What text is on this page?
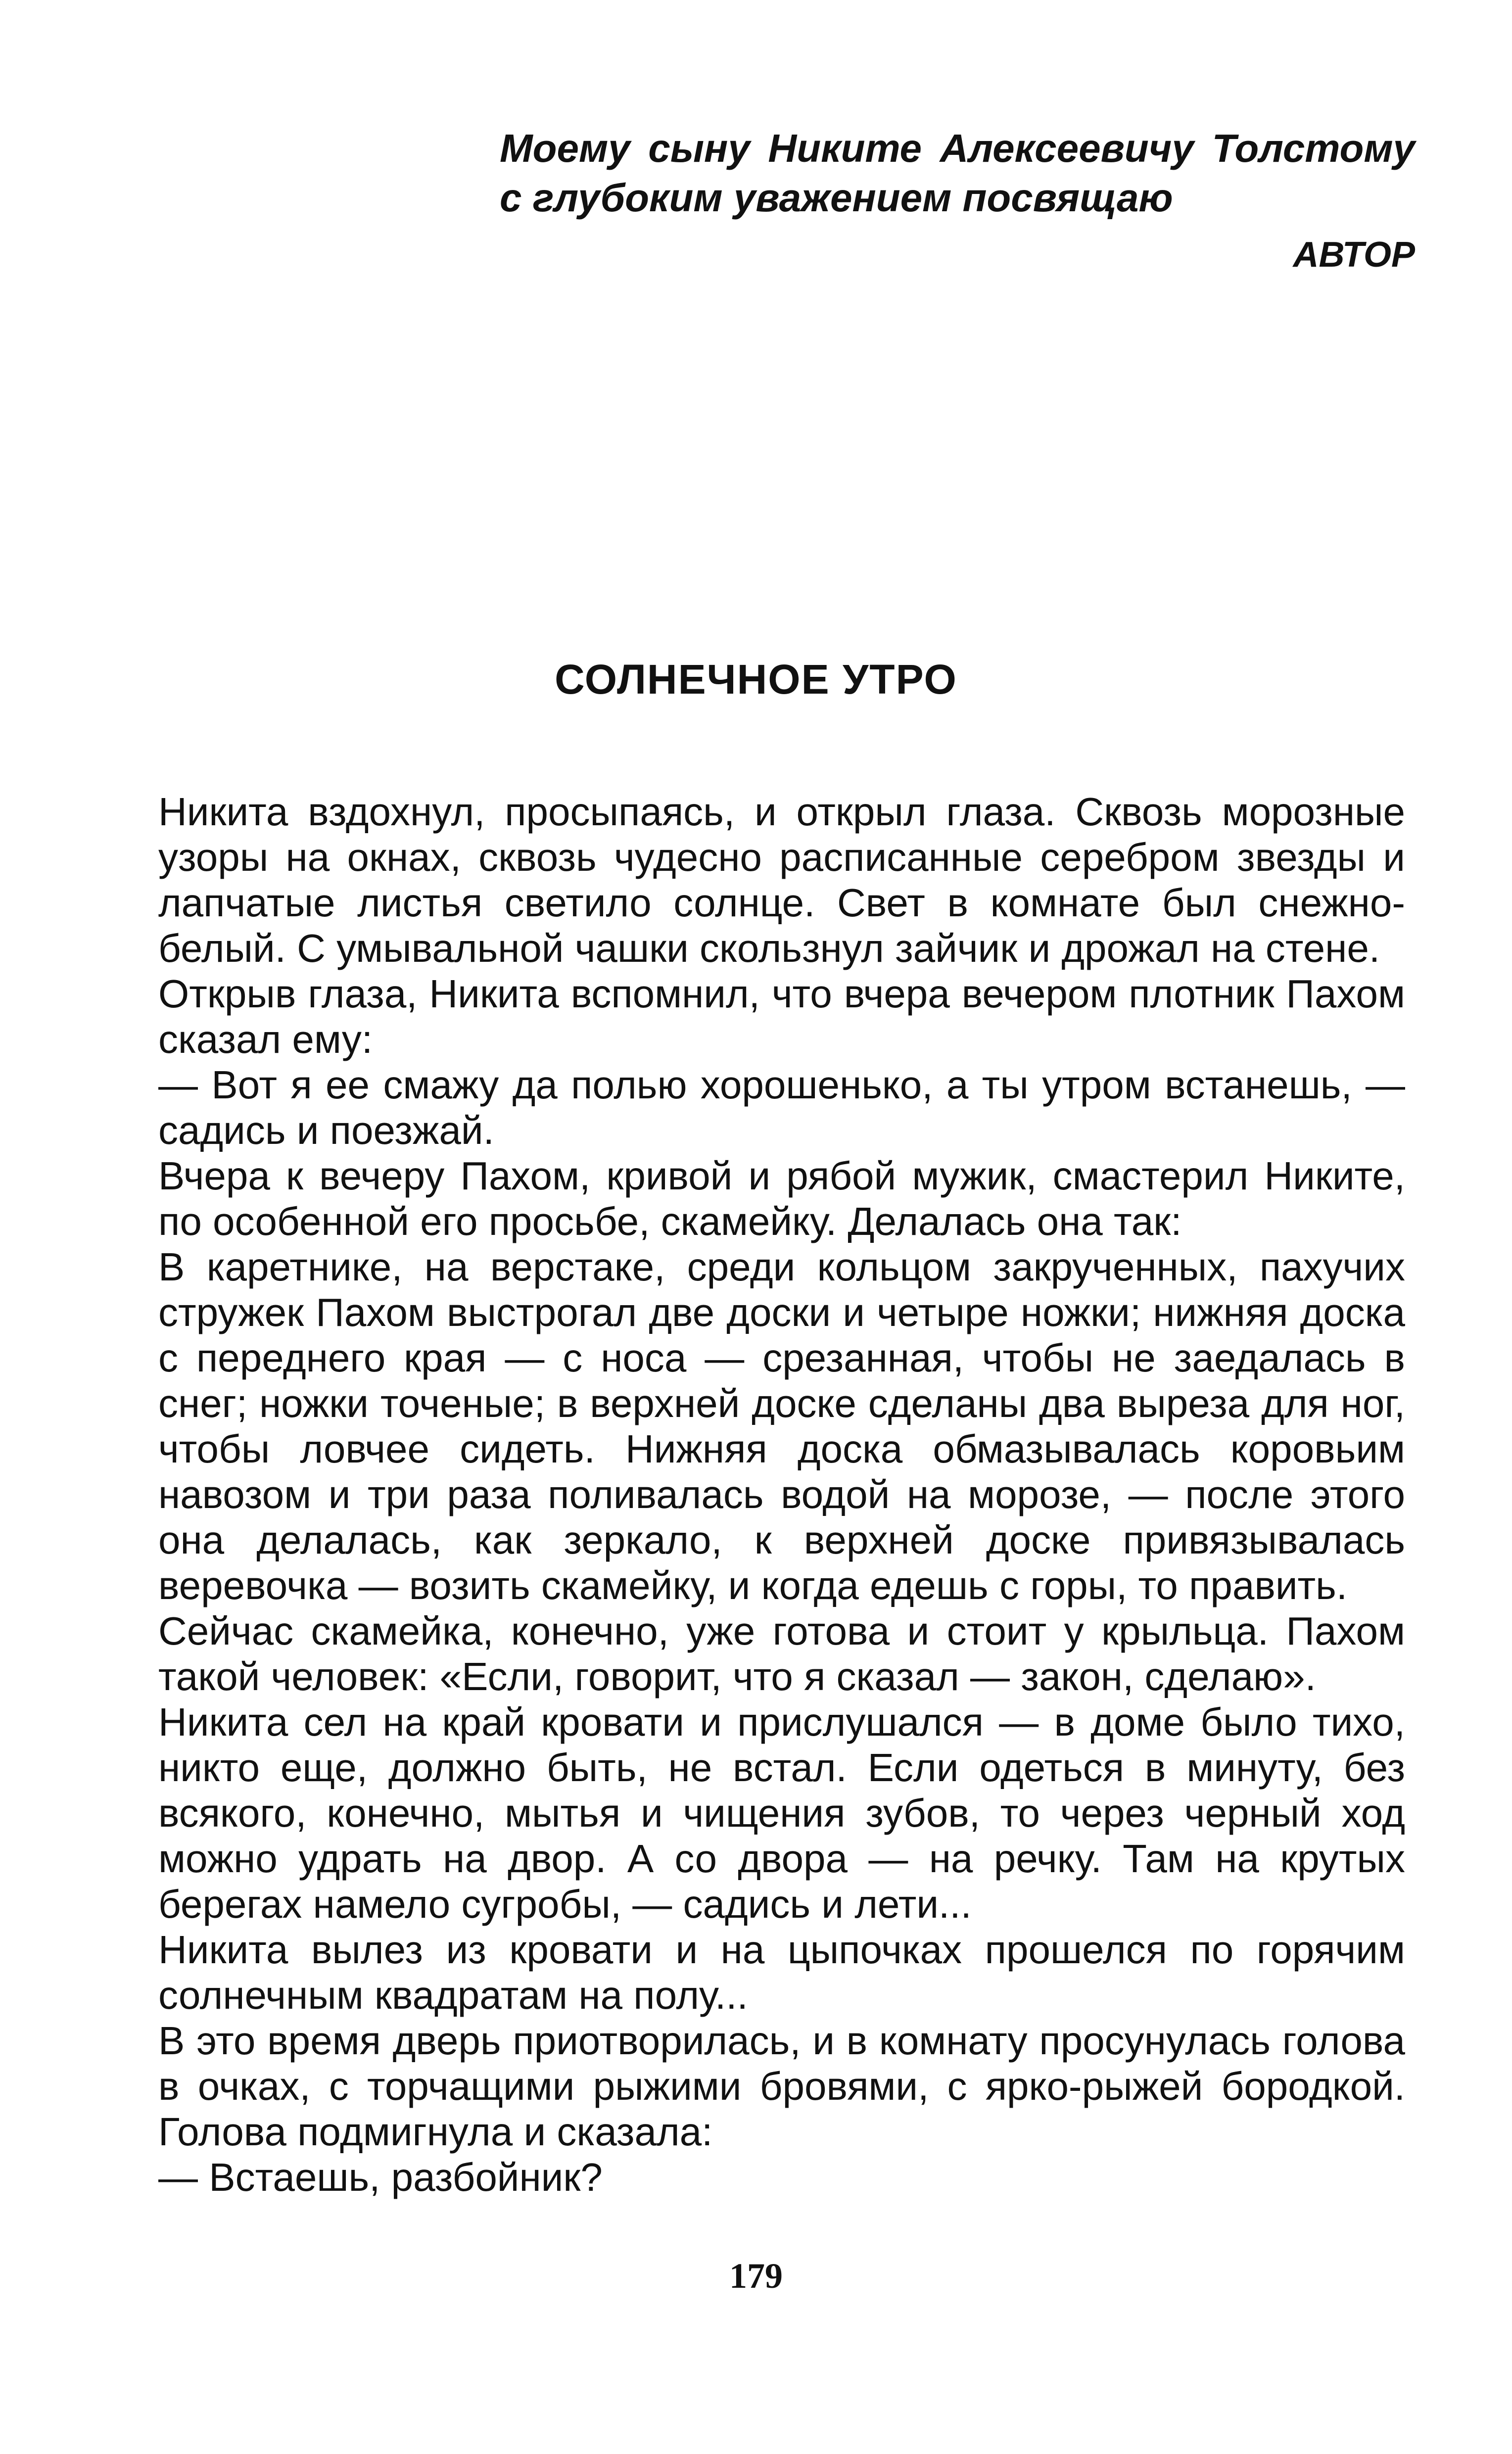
Моему сыну Никите Алексеевичу Толстому с глубоким уважением посвящаю
АВТОР
СОЛНЕЧНОЕ УТРО

Никита вздохнул, просыпаясь, и открыл глаза. Сквозь морозные узоры на окнах, сквозь чудесно расписанные серебром звезды и лапчатые листья светило солнце. Свет в комнате был снежно-белый. С умывальной чашки скользнул зайчик и дрожал на стене.

Открыв глаза, Никита вспомнил, что вчера вечером плотник Пахом сказал ему:

— Вот я ее смажу да полью хорошенько, а ты утром встанешь, — садись и поезжай.

Вчера к вечеру Пахом, кривой и рябой мужик, смастерил Никите, по особенной его просьбе, скамейку. Делалась она так:

В каретнике, на верстаке, среди кольцом закрученных, пахучих стружек Пахом выстрогал две доски и четыре ножки; нижняя доска с переднего края — с носа — срезанная, чтобы не заедалась в снег; ножки точеные; в верхней доске сделаны два выреза для ног, чтобы ловчее сидеть. Нижняя доска обмазывалась коровьим навозом и три раза поливалась водой на морозе, — после этого она делалась, как зеркало, к верхней доске привязывалась веревочка — возить скамейку, и когда едешь с горы, то править.

Сейчас скамейка, конечно, уже готова и стоит у крыльца. Пахом такой человек: «Если, говорит, что я сказал — закон, сделаю».

Никита сел на край кровати и прислушался — в доме было тихо, никто еще, должно быть, не встал. Если одеться в минуту, без всякого, конечно, мытья и чищения зубов, то через черный ход можно удрать на двор. А со двора — на речку. Там на крутых берегах намело сугробы, — садись и лети...

Никита вылез из кровати и на цыпочках прошелся по горячим солнечным квадратам на полу...

В это время дверь приотворилась, и в комнату просунулась голова в очках, с торчащими рыжими бровями, с ярко-рыжей бородкой. Голова подмигнула и сказала:

— Встаешь, разбойник?

179
